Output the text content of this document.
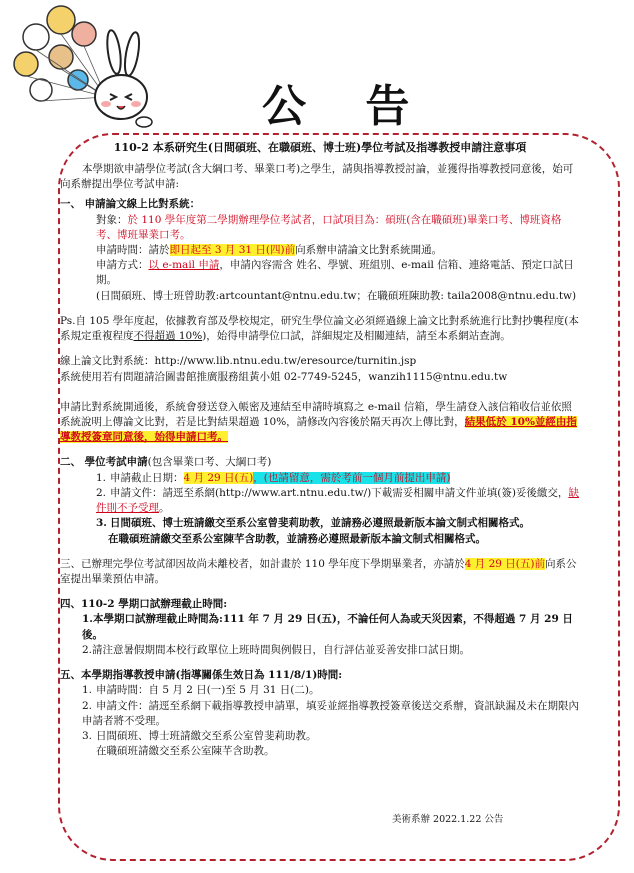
公 告
110-2 本系研究生(日間碩班、在職碩班、博士班)學位考試及指導教授申請注意事項
本學期欲申請學位考試(含大綱口考、畢業口考)之學生，請與指導教授討論，並獲得指導教授同意後，始可向系辦提出學位考試申請:
一、 申請論文線上比對系統：
對象：於 110 學年度第二學期辦理學位考試者，口試項目為：碩班(含在職碩班)畢業口考、博班資格考、博班畢業口考。
申請時間：請於即日起至 3 月 31 日(四)前向系辦申請論文比對系統開通。
申請方式：以 e-mail 申請，申請內容需含 姓名、學號、班組別、e-mail 信箱、連絡電話、預定口試日期。
(日間碩班、博士班曾助教:artcountant@ntnu.edu.tw；在職碩班陳助教: taila2008@ntnu.edu.tw)
Ps.自 105 學年度起，依據教育部及學校規定，研究生學位論文必須經過線上論文比對系統進行比對抄襲程度(本系規定重複程度不得超過 10%)，始得申請學位口試，詳細規定及相關連結，請至本系網站查詢。
線上論文比對系統：http://www.lib.ntnu.edu.tw/eresource/turnitin.jsp
系統使用若有問題請洽圖書館推廣服務組黃小姐 02-7749-5245，wanzih1115@ntnu.edu.tw
申請比對系統開通後，系統會發送登入帳密及連結至申請時填寫之 e-mail 信箱，學生請登入該信箱收信並依照系統說明上傳論文比對，若是比對結果超過 10%，請修改內容後於隔天再次上傳比對，結果低於 10%並經由指導教授簽章同意後，始得申請口考。
二、 學位考試申請(包含畢業口考、大綱口考)
1. 申請截止日期：4 月 29 日(五)，(也請留意，需於考前一個月前提出申請)
2. 申請文件：請逕至系網(http://www.art.ntnu.edu.tw/)下載需妥相關申請文件並填(簽)妥後繳交，缺件則不予受理。
3. 日間碩班、博士班請繳交至系公室曾斐莉助教，並請務必遵照最新版本論文制式相關格式。
在職碩班請繳交至系公室陳芊含助教，並請務必遵照最新版本論文制式相關格式。
三、已辦理完學位考試卻因故尚未離校者，如計畫於 110 學年度下學期畢業者，亦請於4 月 29 日(五)前向系公室提出畢業預估申請。
四、110-2 學期口試辦理截止時間:
1.本學期口試辦理截止時間為:111 年 7 月 29 日(五)，不論任何人為或天災因素，不得超過 7 月 29 日後。
2.請注意暑假期間本校行政單位上班時間與例假日，自行評估並妥善安排口試日期。
五、本學期指導教授申請(指導關係生效日為 111/8/1)時間:
1. 申請時間：自 5 月 2 日(一)至 5 月 31 日(二)。
2. 申請文件：請逕至系網下載指導教授申請單，填妥並經指導教授簽章後送交系辦，資訊缺漏及未在期限內申請者將不受理。
3. 日間碩班、博士班請繳交至系公室曾斐莉助教。
在職碩班請繳交至系公室陳芊含助教。
美術系辦 2022.1.22 公告
